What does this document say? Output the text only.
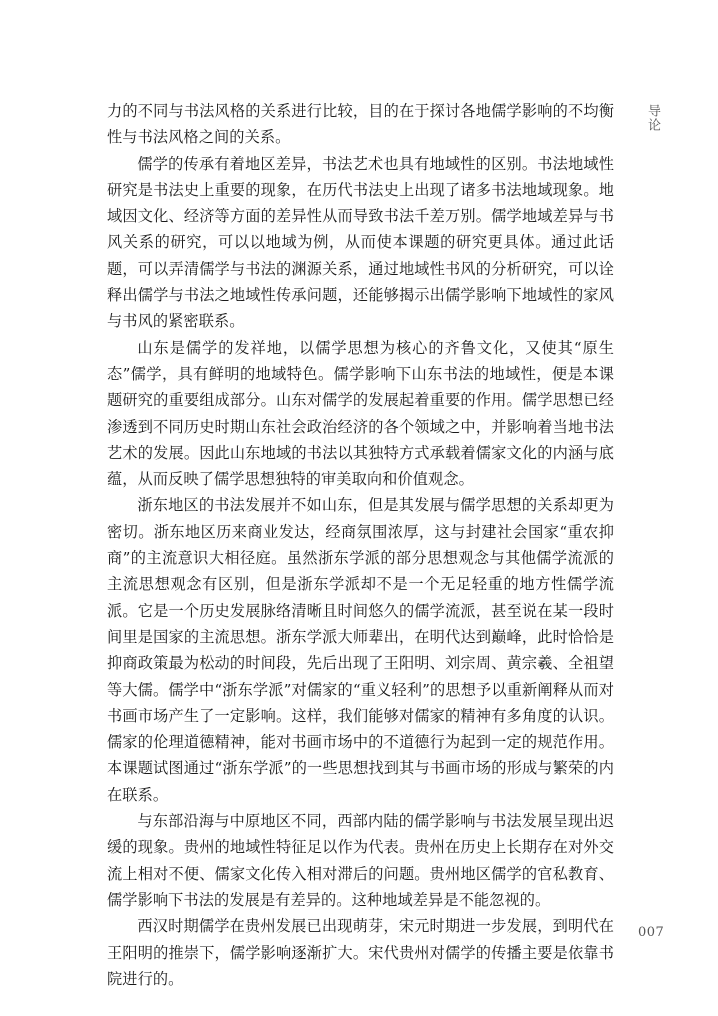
导论

力的不同与书法风格的关系进行比较，目的在于探讨各地儒学影响的不均衡性与书法风格之间的关系。

儒学的传承有着地区差异，书法艺术也具有地域性的区别。书法地域性研究是书法史上重要的现象，在历代书法史上出现了诸多书法地域现象。地域因文化、经济等方面的差异性从而导致书法千差万别。儒学地域差异与书风关系的研究，可以以地域为例，从而使本课题的研究更具体。通过此话题，可以弄清儒学与书法的渊源关系，通过地域性书风的分析研究，可以诠释出儒学与书法之地域性传承问题，还能够揭示出儒学影响下地域性的家风与书风的紧密联系。

山东是儒学的发祥地，以儒学思想为核心的齐鲁文化，又使其“原生态”儒学，具有鲜明的地域特色。儒学影响下山东书法的地域性，便是本课题研究的重要组成部分。山东对儒学的发展起着重要的作用。儒学思想已经渗透到不同历史时期山东社会政治经济的各个领域之中，并影响着当地书法艺术的发展。因此山东地域的书法以其独特方式承载着儒家文化的内涵与底蕴，从而反映了儒学思想独特的审美取向和价值观念。

浙东地区的书法发展并不如山东，但是其发展与儒学思想的关系却更为密切。浙东地区历来商业发达，经商氛围浓厚，这与封建社会国家“重农抑商”的主流意识大相径庭。虽然浙东学派的部分思想观念与其他儒学流派的主流思想观念有区别，但是浙东学派却不是一个无足轻重的地方性儒学流派。它是一个历史发展脉络清晰且时间悠久的儒学流派，甚至说在某一段时间里是国家的主流思想。浙东学派大师辈出，在明代达到巅峰，此时恰恰是抑商政策最为松动的时间段，先后出现了王阳明、刘宗周、黄宗羲、全祖望等大儒。儒学中“浙东学派”对儒家的“重义轻利”的思想予以重新阐释从而对书画市场产生了一定影响。这样，我们能够对儒家的精神有多角度的认识。儒家的伦理道德精神，能对书画市场中的不道德行为起到一定的规范作用。本课题试图通过“浙东学派”的一些思想找到其与书画市场的形成与繁荣的内在联系。

与东部沿海与中原地区不同，西部内陆的儒学影响与书法发展呈现出迟缓的现象。贵州的地域性特征足以作为代表。贵州在历史上长期存在对外交流上相对不便、儒家文化传入相对滞后的问题。贵州地区儒学的官私教育、儒学影响下书法的发展是有差异的。这种地域差异是不能忽视的。

西汉时期儒学在贵州发展已出现萌芽，宋元时期进一步发展，到明代在王阳明的推崇下，儒学影响逐渐扩大。宋代贵州对儒学的传播主要是依靠书院进行的。

007
